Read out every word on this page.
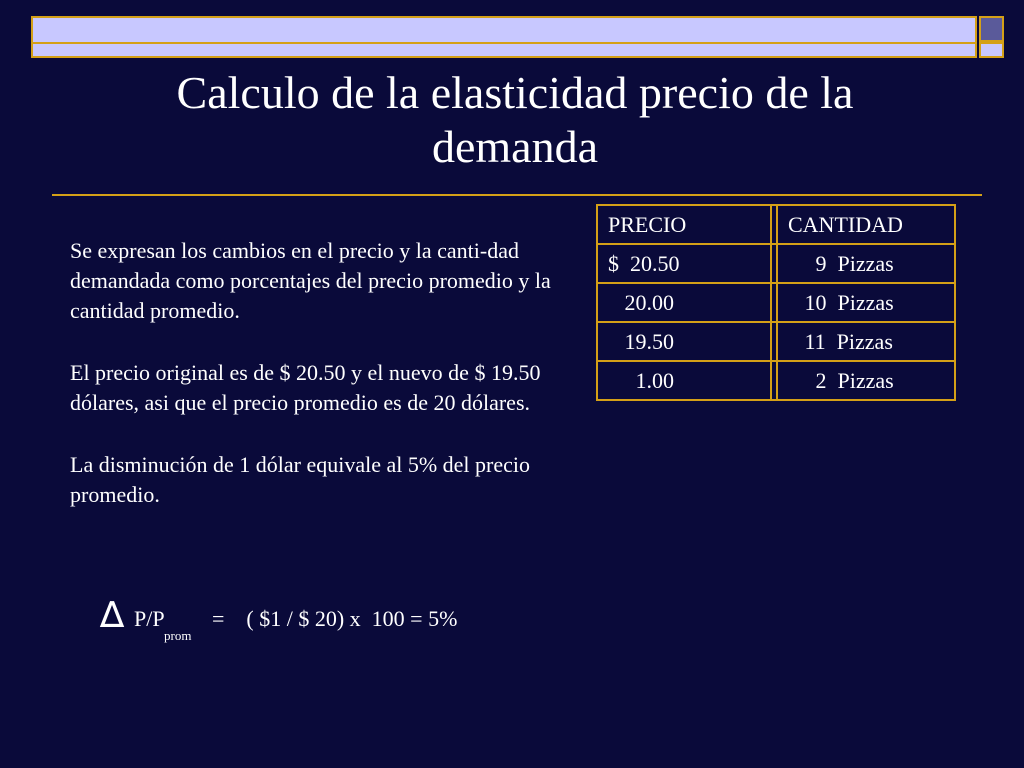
Calculo de la elasticidad precio de la demanda

Se expresan los cambios en el precio y la canti-dad demandada como porcentajes del precio promedio y la cantidad promedio.

El precio original es de $ 20.50 y el nuevo de $ 19.50 dólares, asi que el precio promedio es de 20 dólares.

La disminución de 1 dólar equivale al 5% del precio promedio.

∆ P/P
prom
=    ( $1 / $ 20) x  100 = 5%
PRECIO		CANTIDAD
$  20.50		9  Pizzas
20.00		10  Pizzas
19.50		11  Pizzas
1.00		2  Pizzas
